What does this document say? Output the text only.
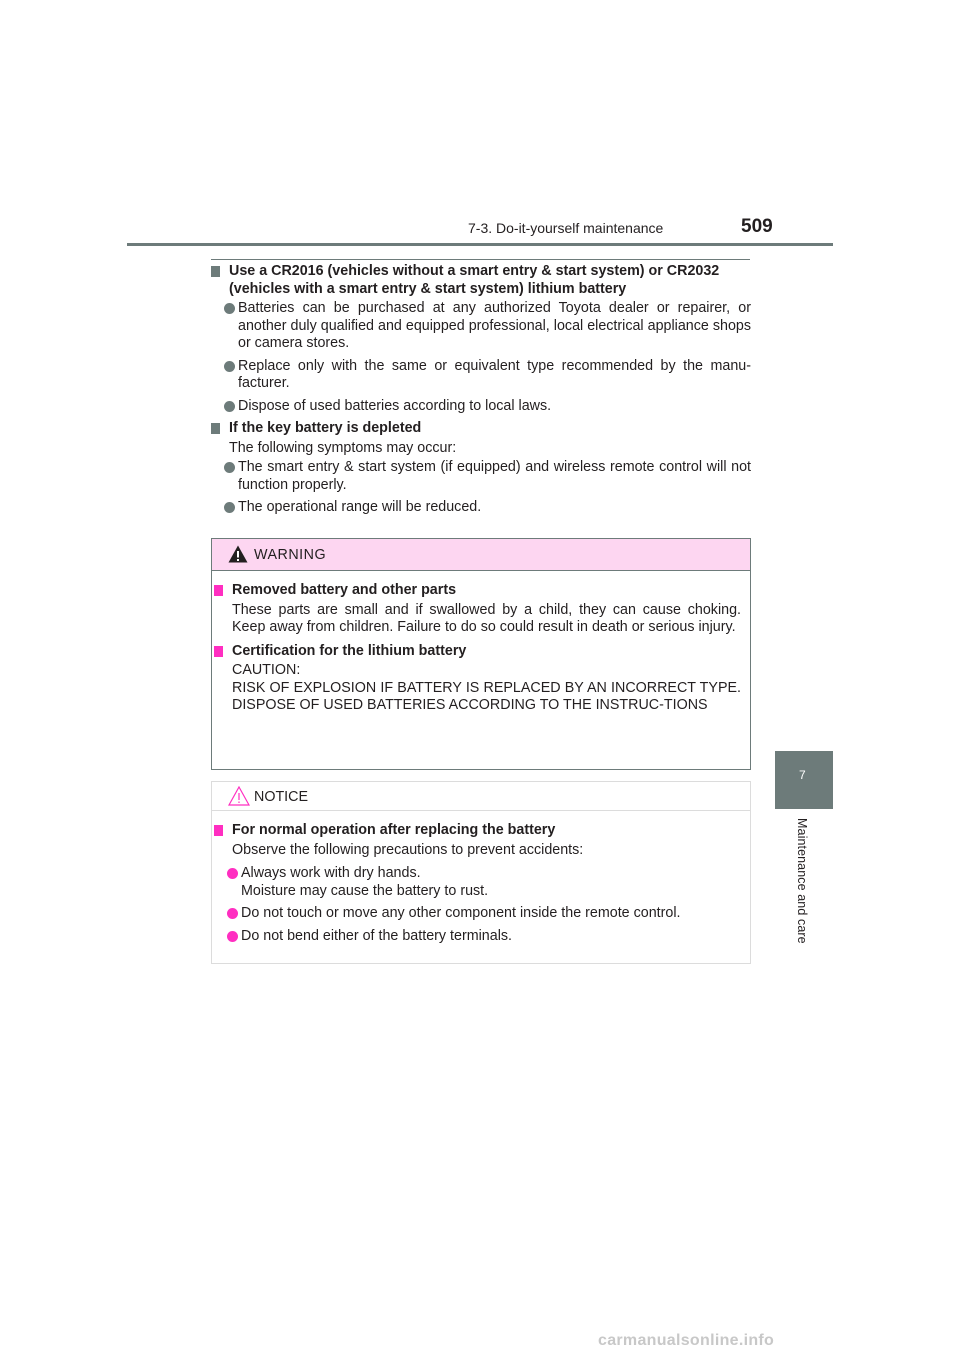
7-3. Do-it-yourself maintenance	509
7
Maintenance and care
Use a CR2016 (vehicles without a smart entry & start system) or CR2032 (vehicles with a smart entry & start system) lithium battery
Batteries can be purchased at any authorized Toyota dealer or repairer, or another duly qualified and equipped professional, local electrical appliance shops or camera stores.
Replace only with the same or equivalent type recommended by the manu-facturer.
Dispose of used batteries according to local laws.
If the key battery is depleted
The following symptoms may occur:
The smart entry & start system (if equipped) and wireless remote control will not function properly.
The operational range will be reduced.
WARNING
Removed battery and other parts
These parts are small and if swallowed by a child, they can cause choking. Keep away from children. Failure to do so could result in death or serious injury.
Certification for the lithium battery
CAUTION:
RISK OF EXPLOSION IF BATTERY IS REPLACED BY AN INCORRECT TYPE. DISPOSE OF USED BATTERIES ACCORDING TO THE INSTRUC-TIONS
NOTICE
For normal operation after replacing the battery
Observe the following precautions to prevent accidents:
Always work with dry hands.
Moisture may cause the battery to rust.
Do not touch or move any other component inside the remote control.
Do not bend either of the battery terminals.
carmanualsonline.info
